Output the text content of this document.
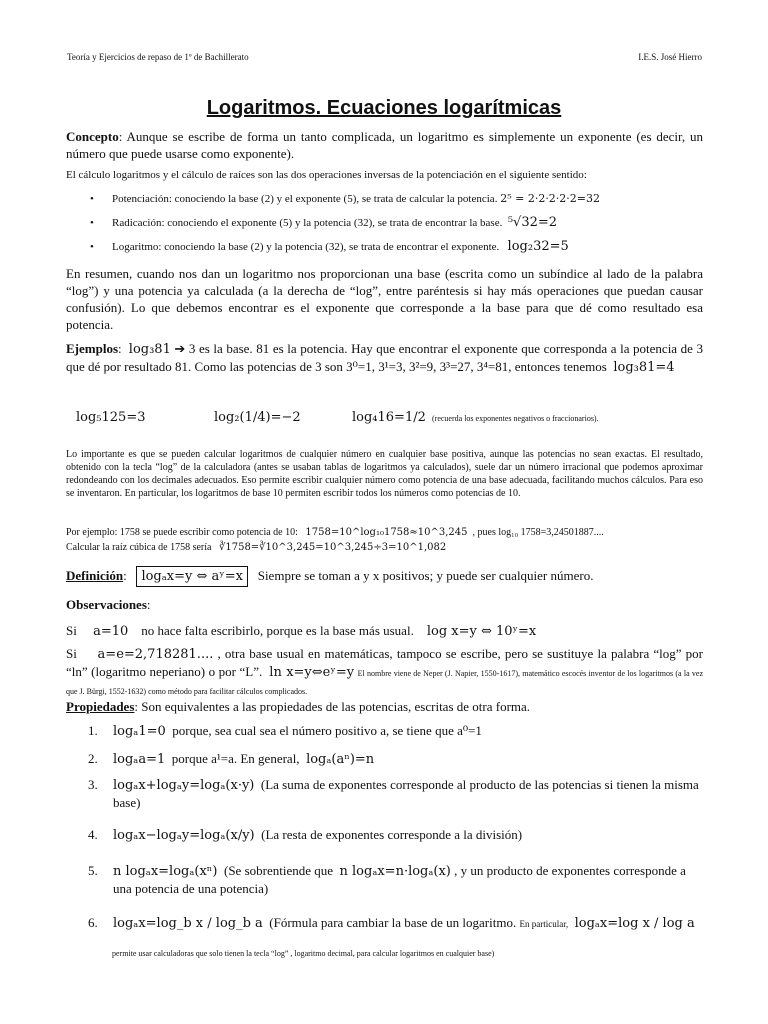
Teoría y Ejercicios de repaso de 1º de Bachillerato	I.E.S. José Hierro
Logaritmos. Ecuaciones logarítmicas
Concepto: Aunque se escribe de forma un tanto complicada, un logaritmo es simplemente un exponente (es decir, un número que puede usarse como exponente).
El cálculo logaritmos y el cálculo de raíces son las dos operaciones inversas de la potenciación en el siguiente sentido:
• Potenciación: conociendo la base (2) y el exponente (5), se trata de calcular la potencia. 2⁵ = 2·2·2·2·2=32
• Radicación: conociendo el exponente (5) y la potencia (32), se trata de encontrar la base. ⁵√32=2
• Logaritmo: conociendo la base (2) y la potencia (32), se trata de encontrar el exponente. log₂32=5
En resumen, cuando nos dan un logaritmo nos proporcionan una base (escrita como un subíndice al lado de la palabra “log”) y una potencia ya calculada (a la derecha de “log”, entre paréntesis si hay más operaciones que puedan causar confusión). Lo que debemos encontrar es el exponente que corresponde a la base para que dé como resultado esa potencia.
Ejemplos:  log₃81 ➔ 3 es la base. 81 es la potencia. Hay que encontrar el exponente que corresponda a la potencia de 3 que dé por resultado 81. Como las potencias de 3 son 3⁰=1, 3¹=3, 3²=9, 3³=27, 3⁴=81, entonces tenemos log₃81=4
log₅125=3	log₂(1/4)=−2	log₄16=1/2 (recuerda los exponentes negativos o fraccionarios).
Lo importante es que se pueden calcular logaritmos de cualquier número en cualquier base positiva, aunque las potencias no sean exactas. El resultado, obtenido con la tecla “log” de la calculadora (antes se usaban tablas de logaritmos ya calculados), suele dar un número irracional que podemos aproximar redondeando con los decimales adecuados. Eso permite escribir cualquier número como potencia de una base adecuada, facilitando muchos cálculos. Para eso se inventaron. En particular, los logaritmos de base 10 permiten escribir todos los números como potencias de 10.
Por ejemplo: 1758 se puede escribir como potencia de 10: 1758=10^log₁₀1758≈10^3,245 , pues log₁₀ 1758=3,24501887....
Calcular la raíz cúbica de 1758 sería ∛1758=∛10^3,245=10^3,245÷3=10^1,082
Definición:   logₐx=y ⇔ aʸ=x Siempre se toman a y x positivos; y puede ser cualquier número.
Observaciones:
Si a=10 no hace falta escribirlo, porque es la base más usual. log x=y ⇔ 10ʸ=x
Si a=e=2,718281.... , otra base usual en matemáticas, tampoco se escribe, pero se sustituye la palabra “log” por “ln” (logaritmo neperiano) o por “L”. ln x=y⇔eʸ=y El nombre viene de Neper (J. Napier, 1550-1617), matemático escocés inventor de los logaritmos (a la vez que J. Bürgi, 1552-1632) como método para facilitar cálculos complicados.
Propiedades: Son equivalentes a las propiedades de las potencias, escritas de otra forma.
1. logₐ1=0 porque, sea cual sea el número positivo a, se tiene que a⁰=1
2. logₐa=1 porque a¹=a. En general, logₐ(aⁿ)=n
3. logₐx+logₐy=logₐ(x·y) (La suma de exponentes corresponde al producto de las potencias si tienen la misma base)
4. logₐx−logₐy=logₐ(x/y) (La resta de exponentes corresponde a la división)
5. n logₐx=logₐ(xⁿ) (Se sobrentiende que n logₐx=n·logₐ(x) , y un producto de exponentes corresponde a una potencia de una potencia)
6. logₐx=log_b x / log_b a (Fórmula para cambiar la base de un logaritmo. En particular, logₐx=log x / log a
permite usar calculadoras que solo tienen la tecla “log” , logaritmo decimal, para calcular logaritmos en cualquier base)
